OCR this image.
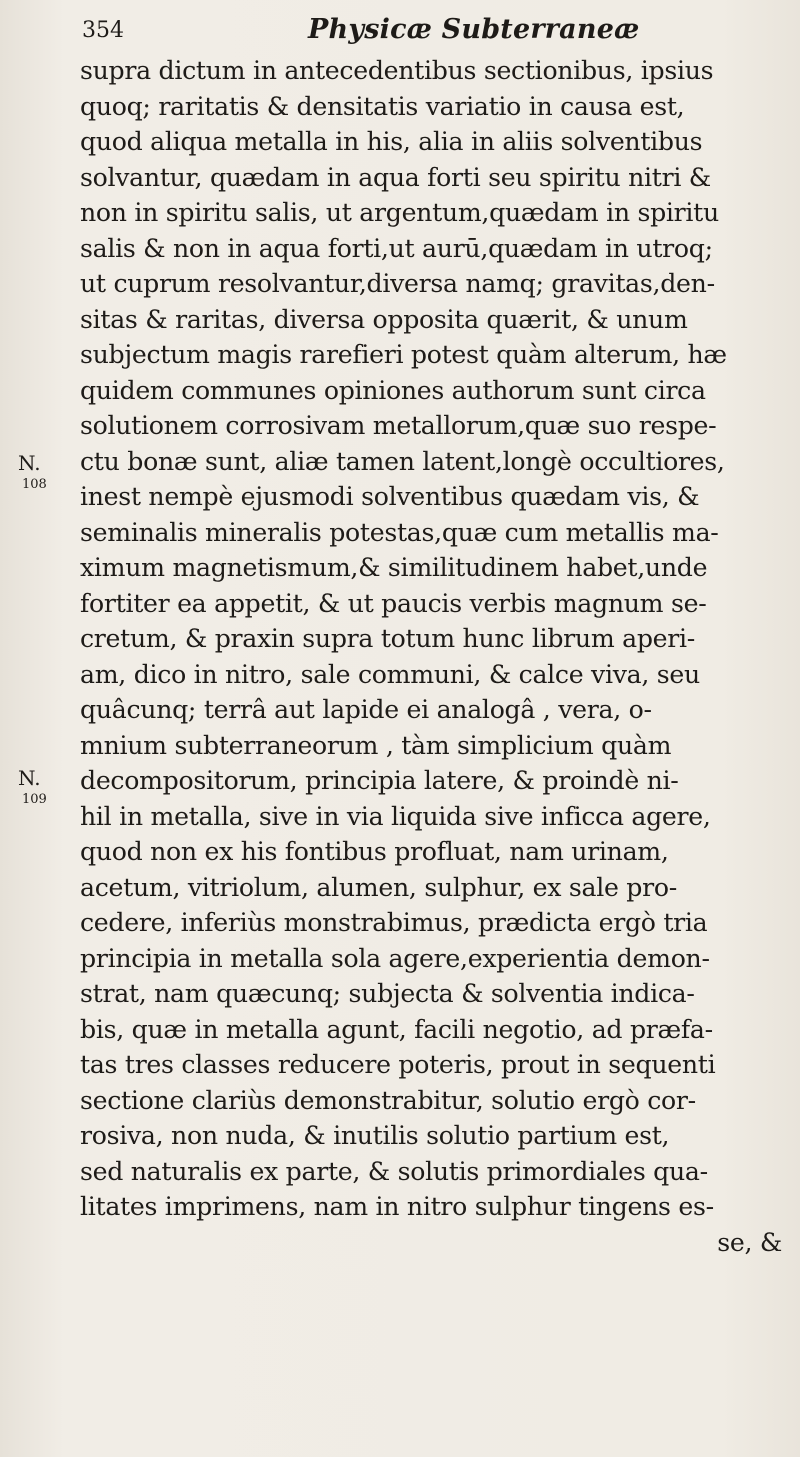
354	Physicæ Subterraneæ
N.
108
N.
109
supra dictum in antecedentibus sectionibus, ipsius
quoq; raritatis & densitatis variatio in causa est,
quod aliqua metalla in his, alia in aliis solventibus
solvantur, quædam in aqua forti seu spiritu nitri &
non in spiritu salis, ut argentum,quædam in spiritu
salis & non in aqua forti,ut aurū,quædam in utroq;
ut cuprum resolvantur,diversa namq; gravitas,den-
sitas & raritas, diversa opposita quærit, & unum
subjectum magis rarefieri potest quàm alterum, hæ
quidem communes opiniones authorum sunt circa
solutionem corrosivam metallorum,quæ suo respe-
ctu bonæ sunt, aliæ tamen latent,longè occultiores,
inest nempè ejusmodi solventibus quædam vis, &
seminalis mineralis potestas,quæ cum metallis ma-
ximum magnetismum,& similitudinem habet,unde
fortiter ea appetit, & ut paucis verbis magnum se-
cretum, & praxin supra totum hunc librum aperi-
am, dico in nitro, sale communi, & calce viva, seu
quâcunq; terrâ aut lapide ei analogâ , vera, o-
mnium subterraneorum , tàm simplicium quàm
decompositorum, principia latere, & proindè ni-
hil in metalla, sive in via liquida sive inficca agere,
quod non ex his fontibus profluat, nam urinam,
acetum, vitriolum, alumen, sulphur, ex sale pro-
cedere, inferiùs monstrabimus, prædicta ergò tria
principia in metalla sola agere,experientia demon-
strat, nam quæcunq; subjecta & solventia indica-
bis, quæ in metalla agunt, facili negotio, ad præfa-
tas tres classes reducere poteris, prout in sequenti
sectione clariùs demonstrabitur, solutio ergò cor-
rosiva, non nuda, & inutilis solutio partium est,
sed naturalis ex parte, & solutis primordiales qua-
litates imprimens, nam in nitro sulphur tingens es-
se, &
